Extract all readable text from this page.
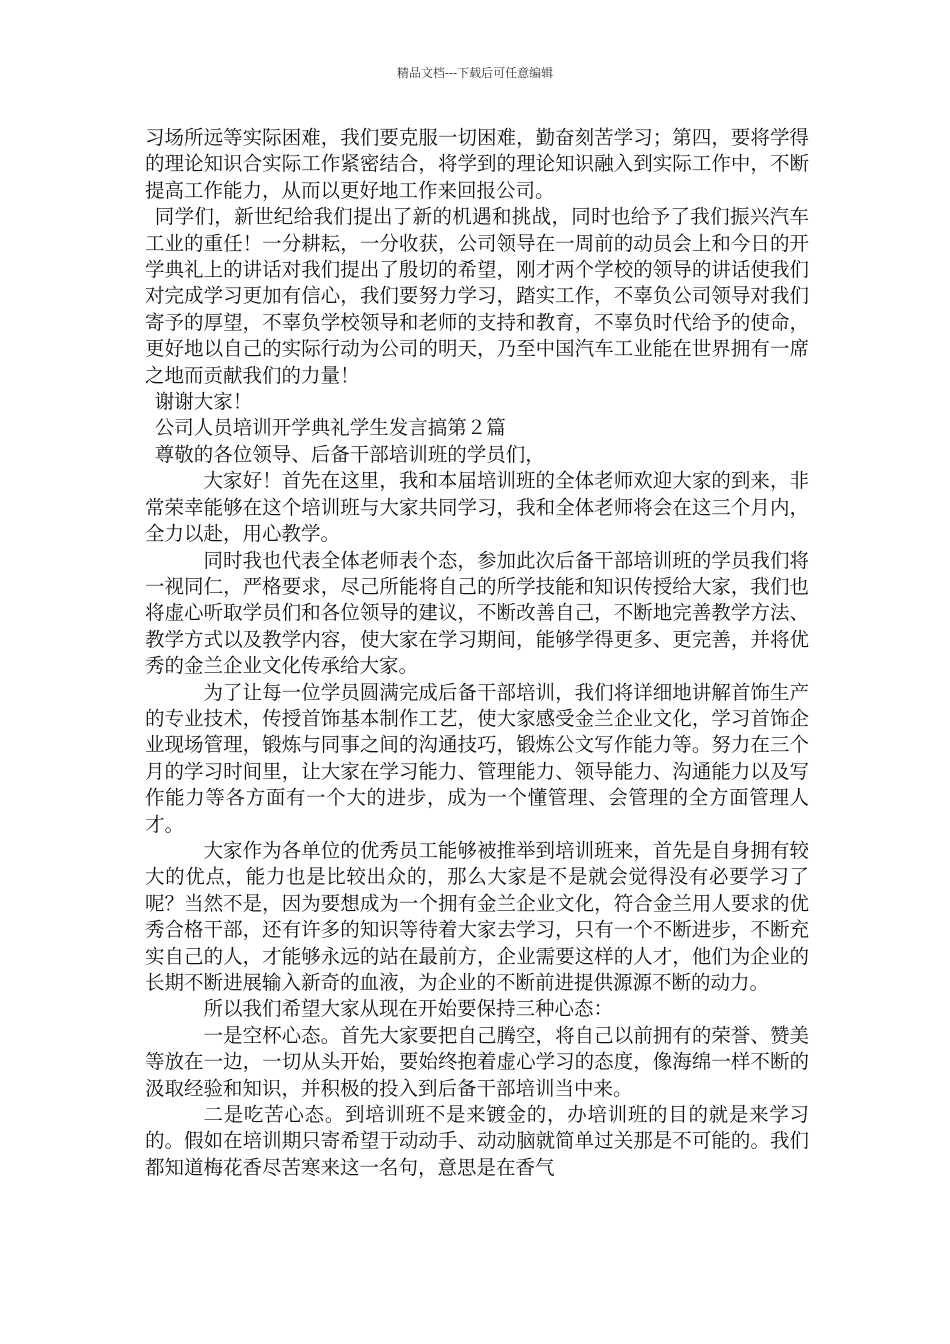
精品文档---下载后可任意编辑

习场所远等实际困难，我们要克服一切困难，勤奋刻苦学习；第四，要将学得的理论知识合实际工作紧密结合，将学到的理论知识融入到实际工作中，不断提高工作能力，从而以更好地工作来回报公司。

同学们，新世纪给我们提出了新的机遇和挑战，同时也给予了我们振兴汽车工业的重任！一分耕耘，一分收获，公司领导在一周前的动员会上和今日的开学典礼上的讲话对我们提出了殷切的希望，刚才两个学校的领导的讲话使我们对完成学习更加有信心，我们要努力学习，踏实工作，不辜负公司领导对我们寄予的厚望，不辜负学校领导和老师的支持和教育，不辜负时代给予的使命，更好地以自己的实际行动为公司的明天，乃至中国汽车工业能在世界拥有一席之地而贡献我们的力量！

谢谢大家！

公司人员培训开学典礼学生发言搞第２篇

尊敬的各位领导、后备干部培训班的学员们，

大家好！首先在这里，我和本届培训班的全体老师欢迎大家的到来，非常荣幸能够在这个培训班与大家共同学习，我和全体老师将会在这三个月内，全力以赴，用心教学。

同时我也代表全体老师表个态，参加此次后备干部培训班的学员我们将一视同仁，严格要求，尽己所能将自己的所学技能和知识传授给大家，我们也将虚心听取学员们和各位领导的建议，不断改善自己，不断地完善教学方法、教学方式以及教学内容，使大家在学习期间，能够学得更多、更完善，并将优秀的金兰企业文化传承给大家。

为了让每一位学员圆满完成后备干部培训，我们将详细地讲解首饰生产的专业技术，传授首饰基本制作工艺，使大家感受金兰企业文化，学习首饰企业现场管理，锻炼与同事之间的沟通技巧，锻炼公文写作能力等。努力在三个月的学习时间里，让大家在学习能力、管理能力、领导能力、沟通能力以及写作能力等各方面有一个大的进步，成为一个懂管理、会管理的全方面管理人才。

大家作为各单位的优秀员工能够被推举到培训班来，首先是自身拥有较大的优点，能力也是比较出众的，那么大家是不是就会觉得没有必要学习了呢？当然不是，因为要想成为一个拥有金兰企业文化，符合金兰用人要求的优秀合格干部，还有许多的知识等待着大家去学习，只有一个不断进步，不断充实自己的人，才能够永远的站在最前方，企业需要这样的人才，他们为企业的长期不断进展输入新奇的血液，为企业的不断前进提供源源不断的动力。

所以我们希望大家从现在开始要保持三种心态：

一是空杯心态。首先大家要把自己腾空，将自己以前拥有的荣誉、赞美等放在一边，一切从头开始，要始终抱着虚心学习的态度，像海绵一样不断的汲取经验和知识，并积极的投入到后备干部培训当中来。

二是吃苦心态。到培训班不是来镀金的，办培训班的目的就是来学习的。假如在培训期只寄希望于动动手、动动脑就简单过关那是不可能的。我们都知道梅花香尽苦寒来这一名句，意思是在香气
